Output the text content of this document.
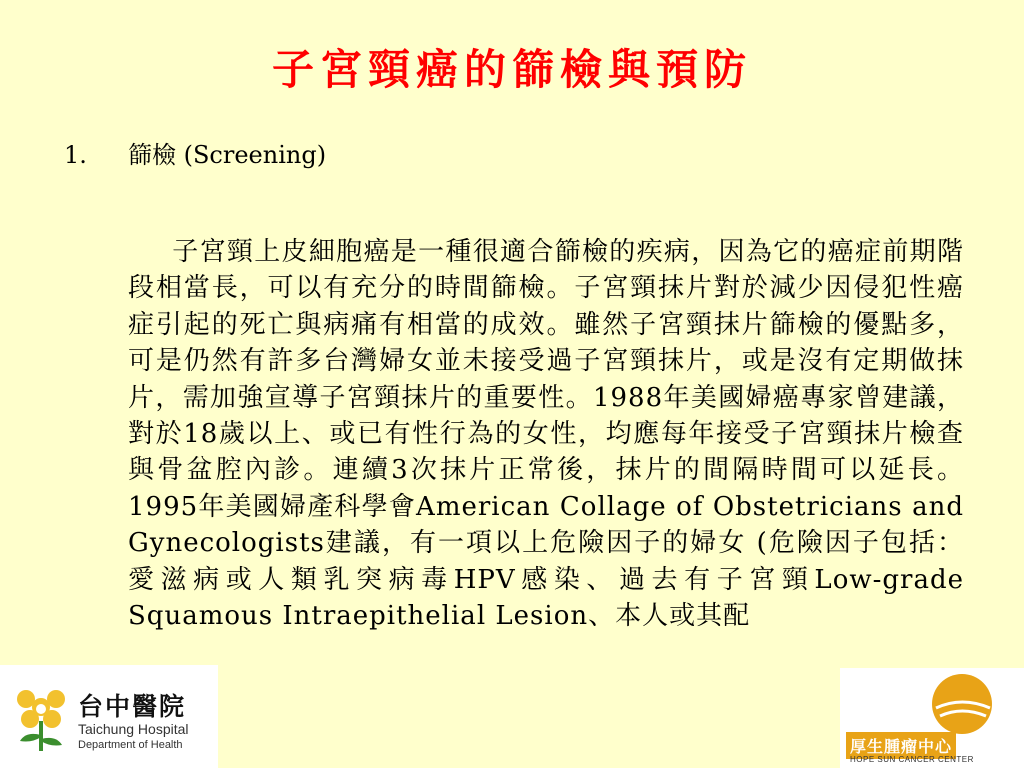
子宮頸癌的篩檢與預防
1. 篩檢 (Screening)
子宮頸上皮細胞癌是一種很適合篩檢的疾病，因為它的癌症前期階段相當長，可以有充分的時間篩檢。子宮頸抹片對於減少因侵犯性癌症引起的死亡與病痛有相當的成效。雖然子宮頸抹片篩檢的優點多，可是仍然有許多台灣婦女並未接受過子宮頸抹片，或是沒有定期做抹片，需加強宣導子宮頸抹片的重要性。1988年美國婦癌專家曾建議，對於18歲以上、或已有性行為的女性，均應每年接受子宮頸抹片檢查與骨盆腔內診。連續3次抹片正常後，抹片的間隔時間可以延長。1995年美國婦產科學會American Collage of Obstetricians and Gynecologists建議，有一項以上危險因子的婦女 (危險因子包括：愛滋病或人類乳突病毒HPV感染、過去有子宮頸Low-grade Squamous Intraepithelial Lesion、本人或其配
台中醫院
Taichung Hospital
Department of Health	厚生腫瘤中心
HOPE SUN CANCER CENTER
